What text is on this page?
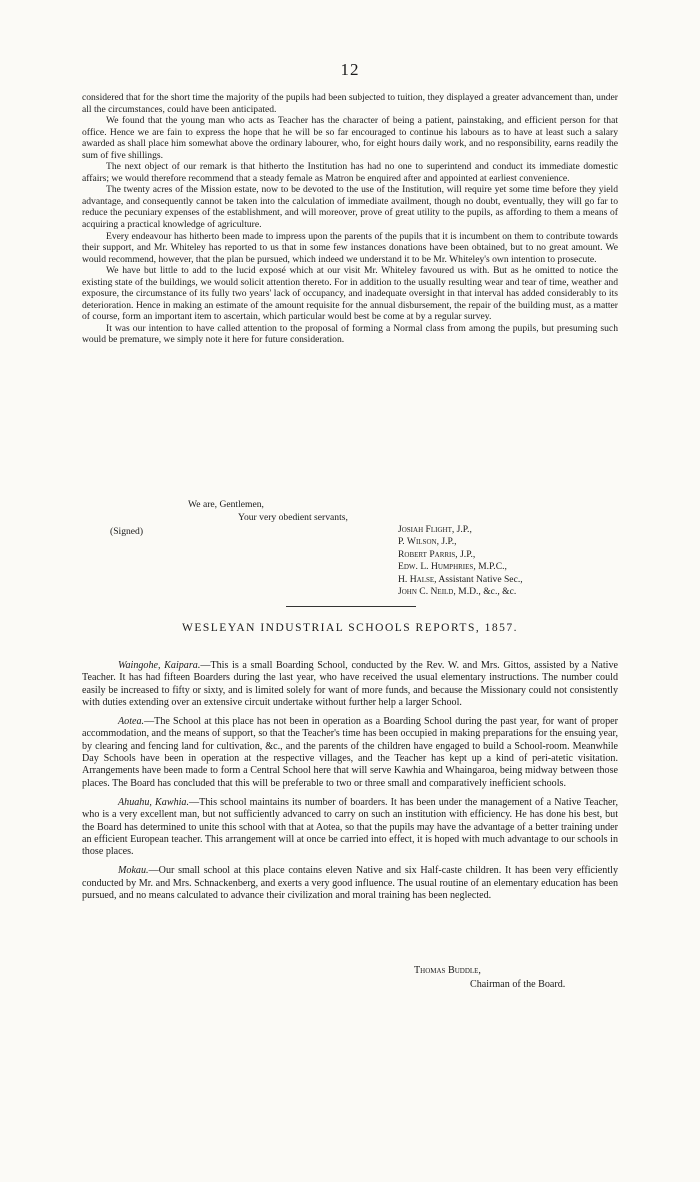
12

considered that for the short time the majority of the pupils had been subjected to tuition, they displayed a greater advancement than, under all the circumstances, could have been anticipated.

We found that the young man who acts as Teacher has the character of being a patient, painstaking, and efficient person for that office. Hence we are fain to express the hope that he will be so far encouraged to continue his labours as to have at least such a salary awarded as shall place him somewhat above the ordinary labourer, who, for eight hours daily work, and no responsibility, earns readily the sum of five shillings.

The next object of our remark is that hitherto the Institution has had no one to superintend and conduct its immediate domestic affairs; we would therefore recommend that a steady female as Matron be enquired after and appointed at earliest convenience.

The twenty acres of the Mission estate, now to be devoted to the use of the Institution, will require yet some time before they yield advantage, and consequently cannot be taken into the calculation of immediate availment, though no doubt, eventually, they will go far to reduce the pecuniary expenses of the establishment, and will moreover, prove of great utility to the pupils, as affording to them a means of acquiring a practical knowledge of agriculture.

Every endeavour has hitherto been made to impress upon the parents of the pupils that it is incumbent on them to contribute towards their support, and Mr. Whiteley has reported to us that in some few instances donations have been obtained, but to no great amount. We would recommend, however, that the plan be pursued, which indeed we understand it to be Mr. Whiteley's own intention to prosecute.

We have but little to add to the lucid exposé which at our visit Mr. Whiteley favoured us with. But as he omitted to notice the existing state of the buildings, we would solicit attention thereto. For in addition to the usually resulting wear and tear of time, weather and exposure, the circumstance of its fully two years' lack of occupancy, and inadequate oversight in that interval has added considerably to its deterioration. Hence in making an estimate of the amount requisite for the annual disbursement, the repair of the building must, as a matter of course, form an important item to ascertain, which particular would best be come at by a regular survey.

It was our intention to have called attention to the proposal of forming a Normal class from among the pupils, but presuming such would be premature, we simply note it here for future consideration.

We are, Gentlemen,
Your very obedient servants,
(Signed)	Josiah Flight, J.P.,
P. Wilson, J.P.,
Robert Parris, J.P.,
Edw. L. Humphries, M.P.C.,
H. Halse, Assistant Native Sec.,
John C. Neild, M.D., &c., &c.
WESLEYAN INDUSTRIAL SCHOOLS REPORTS, 1857.

Waingohe, Kaipara.—This is a small Boarding School, conducted by the Rev. W. and Mrs. Gittos, assisted by a Native Teacher. It has had fifteen Boarders during the last year, who have received the usual elementary instructions. The number could easily be increased to fifty or sixty, and is limited solely for want of more funds, and because the Missionary could not consistently with duties extending over an extensive circuit undertake without further help a larger School.

Aotea.—The School at this place has not been in operation as a Boarding School during the past year, for want of proper accommodation, and the means of support, so that the Teacher's time has been occupied in making preparations for the ensuing year, by clearing and fencing land for cultivation, &c., and the parents of the children have engaged to build a School-room. Meanwhile Day Schools have been in operation at the respective villages, and the Teacher has kept up a kind of peri-atetic visitation. Arrangements have been made to form a Central School here that will serve Kawhia and Whaingaroa, being midway between those places. The Board has concluded that this will be preferable to two or three small and comparatively inefficient schools.

Ahuahu, Kawhia.—This school maintains its number of boarders. It has been under the management of a Native Teacher, who is a very excellent man, but not sufficiently advanced to carry on such an institution with efficiency. He has done his best, but the Board has determined to unite this school with that at Aotea, so that the pupils may have the advantage of a better training under an efficient European teacher. This arrangement will at once be carried into effect, it is hoped with much advantage to our schools in those places.

Mokau.—Our small school at this place contains eleven Native and six Half-caste children. It has been very efficiently conducted by Mr. and Mrs. Schnackenberg, and exerts a very good influence. The usual routine of an elementary education has been pursued, and no means calculated to advance their civilization and moral training has been neglected.

Thomas Buddle,
Chairman of the Board.
